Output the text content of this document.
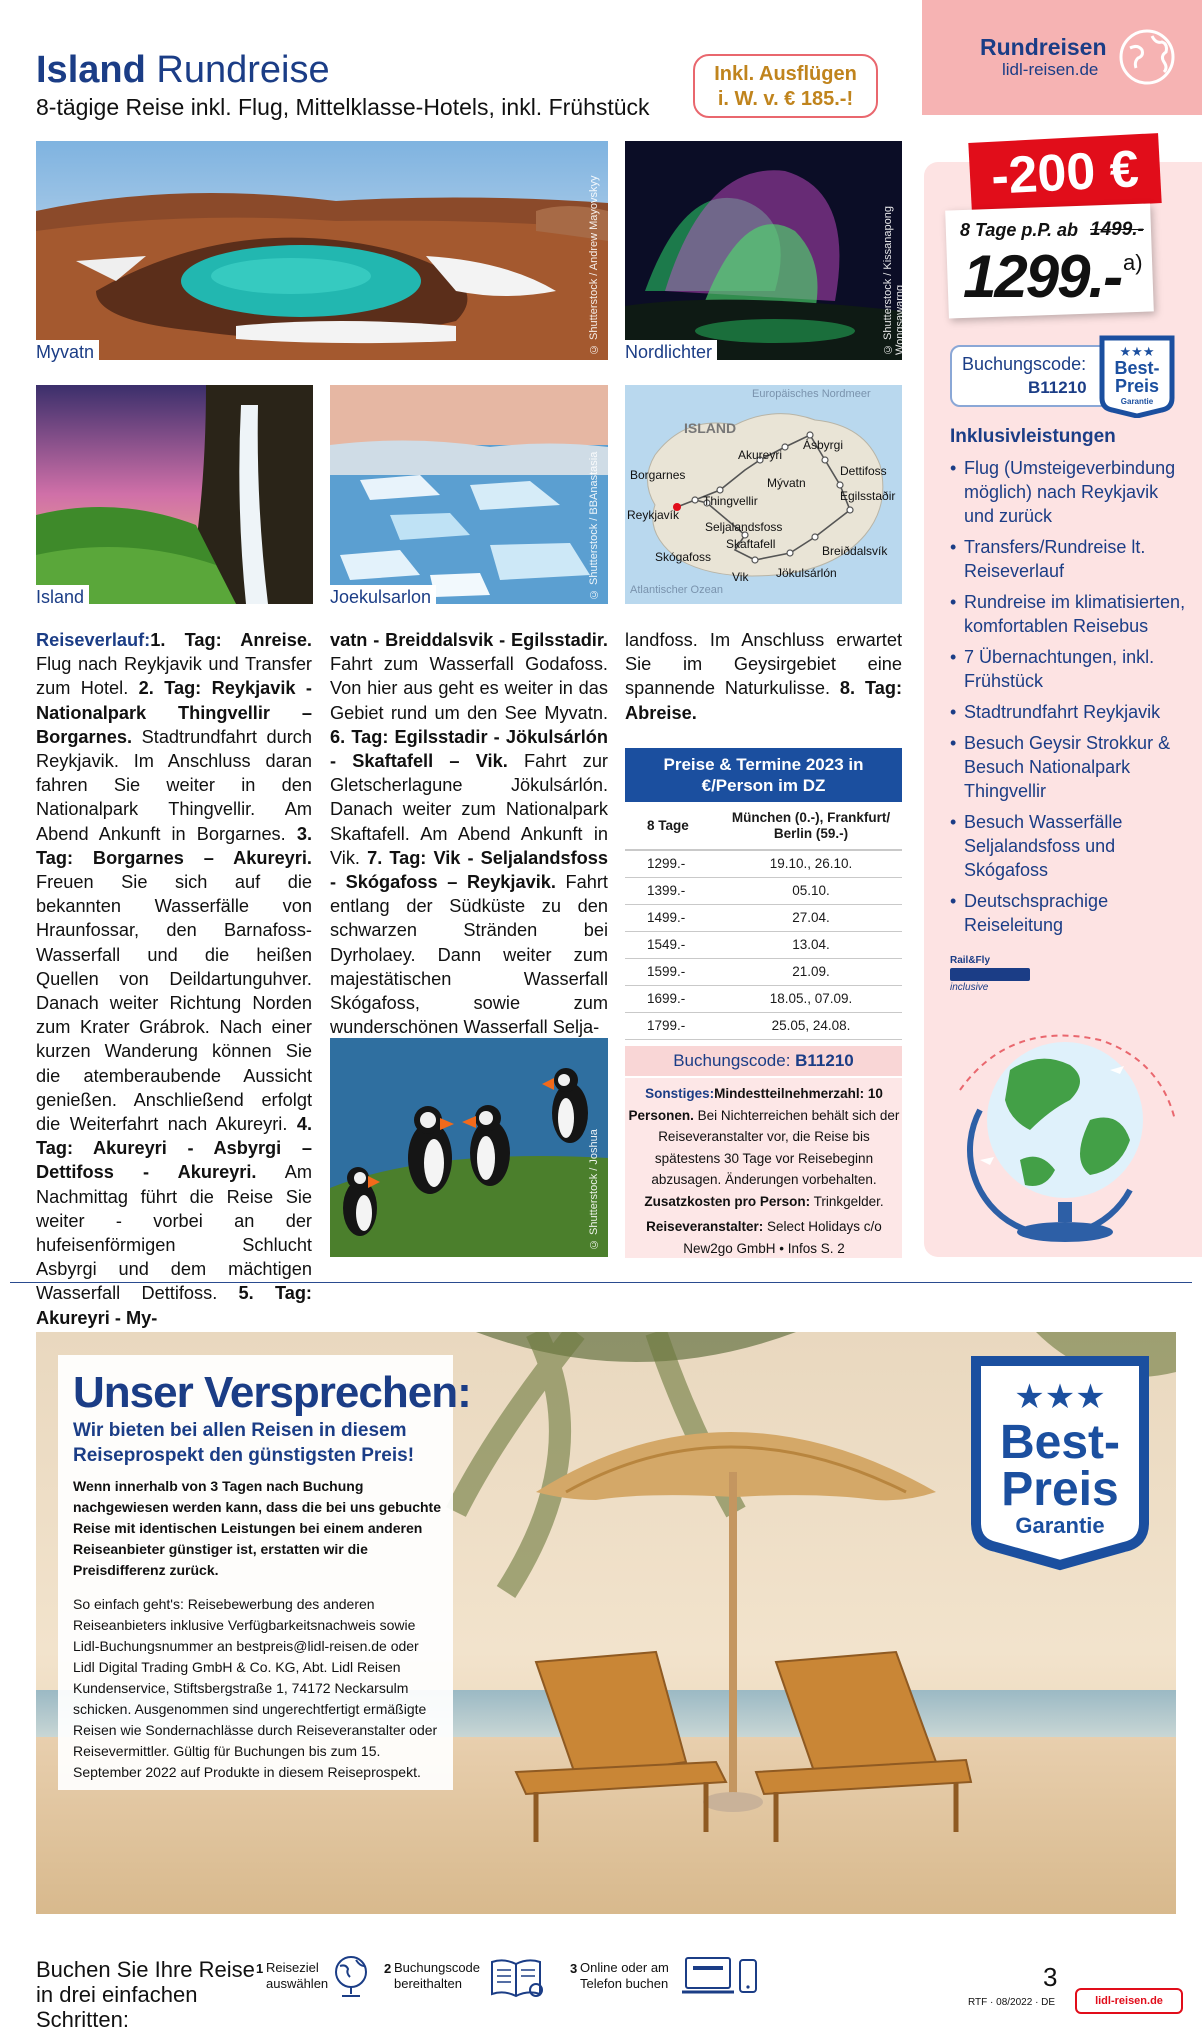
Island Rundreise
8-tägige Reise inkl. Flug, Mittelklasse-Hotels, inkl. Frühstück
Inkl. Ausflügen
i. W. v. € 185.-!
Rundreisen
lidl-reisen.de
Myvatn	© Shutterstock / Andrew Mayovskyy Nordlichter	© Shutterstock / Kissanapong Wongsawarng
Island	Joekulsarlon	© Shutterstock / BBAnastasia
Europäisches Nordmeer
ISLAND
Akureyri
Ásbyrgi
Dettifoss
Mývatn
Egilsstaðir
Borgarnes
Thingvellir
Reykjavík
Seljalandsfoss
Skaftafell
Skógafoss	Breiðdalsvík
Vik Jökulsárlón
Atlantischer Ozean
© Shutterstock / Joshua
Reiseverlauf:1. Tag: Anreise. Flug nach Reykjavik und Transfer zum Hotel. 2. Tag: Reykjavik - Nationalpark Thingvellir – Borgarnes. Stadtrundfahrt durch Reykjavik. Im Anschluss daran fahren Sie weiter in den Nationalpark Thingvellir. Am Abend Ankunft in Borgarnes. 3. Tag: Borgarnes – Akureyri. Freuen Sie sich auf die bekannten Wasserfälle von Hraunfossar, den Barnafoss-Wasserfall und die heißen Quellen von Deildartunguhver. Danach weiter Richtung Norden zum Krater Grábrok. Nach einer kurzen Wanderung können Sie die atemberaubende Aussicht genießen. Anschließend erfolgt die Weiterfahrt nach Akureyri. 4. Tag: Akureyri - Asbyrgi – Dettifoss - Akureyri. Am Nachmittag führt die Reise Sie weiter - vorbei an der hufeisenförmigen Schlucht Asbyrgi und dem mächtigen Wasserfall Dettifoss. 5. Tag: Akureyri - My-
vatn - Breiddalsvik - Egilsstadir. Fahrt zum Wasserfall Godafoss. Von hier aus geht es weiter in das Gebiet rund um den See Myvatn. 6. Tag: Egilsstadir - Jökulsárlón - Skaftafell – Vik. Fahrt zur Gletscherlagune Jökulsárlón. Danach weiter zum Nationalpark Skaftafell. Am Abend Ankunft in Vik. 7. Tag: Vik - Seljalandsfoss - Skógafoss – Reykjavik. Fahrt entlang der Südküste zu den schwarzen Stränden bei Dyrholaey. Dann weiter zum majestätischen Wasserfall Skógafoss, sowie zum wunderschönen Wasserfall Selja-
landfoss. Im Anschluss erwartet Sie im Geysirgebiet eine spannende Naturkulisse. 8. Tag: Abreise.
Preise & Termine 2023 in €/Person im DZ	
8 Tage	München (0.-), Frankfurt/ Berlin (59.-)
1299.-	19.10., 26.10.
1399.-	05.10.
1499.-	27.04.
1549.-	13.04.
1599.-	21.09.
1699.-	18.05., 07.09.
1799.-	25.05, 24.08.
Buchungscode: B11210
Sonstiges:Mindestteilnehmerzahl: 10 Personen. Bei Nichterreichen behält sich der Reiseveranstalter vor, die Reise bis spätestens 30 Tage vor Reisebeginn abzusagen. Änderungen vorbehalten. Zusatzkosten pro Person: Trinkgelder.
Reiseveranstalter: Select Holidays c/o New2go GmbH • Infos S. 2
-200 €
8 Tage p.P. ab 1499.-
1299.- a)
Buchungscode:
B11210
★★★
Best-
Preis
Garantie
Inklusivleistungen
• Flug (Umsteigeverbindung möglich) nach Reykjavik und zurück
• Transfers/Rundreise lt. Reiseverlauf
• Rundreise im klimatisierten, komfortablen Reisebus
• 7 Übernachtungen, inkl. Frühstück
• Stadtrundfahrt Reykjavik
• Besuch Geysir Strokkur & Besuch Nationalpark Thingvellir
• Besuch Wasserfälle Seljalandsfoss und Skógafoss
• Deutschsprachige Reiseleitung
Rail&Fly
inclusive
Unser Versprechen:
Wir bieten bei allen Reisen in diesem Reiseprospekt den günstigsten Preis!
Wenn innerhalb von 3 Tagen nach Buchung nachgewiesen werden kann, dass die bei uns gebuchte Reise mit identischen Leistungen bei einem anderen Reiseanbieter günstiger ist, erstatten wir die Preisdifferenz zurück.
So einfach geht's: Reisebewerbung des anderen Reiseanbieters inklusive Verfügbarkeitsnachweis sowie Lidl-Buchungsnummer an bestpreis@lidl-reisen.de oder Lidl Digital Trading GmbH & Co. KG, Abt. Lidl Reisen Kundenservice, Stiftsbergstraße 1, 74172 Neckarsulm schicken. Ausgenommen sind ungerechtfertigt ermäßigte Reisen wie Sondernachlässe durch Reiseveranstalter oder Reisevermittler. Gültig für Buchungen bis zum 15. September 2022 auf Produkte in diesem Reiseprospekt.
★★★
Best-
Preis
Garantie
Buchen Sie Ihre Reise in drei einfachen Schritten:
1 Reiseziel auswählen
2 Buchungscode bereithalten
3 Online oder am Telefon buchen	3
RTF · 08/2022 · DE	lidl-reisen.de
